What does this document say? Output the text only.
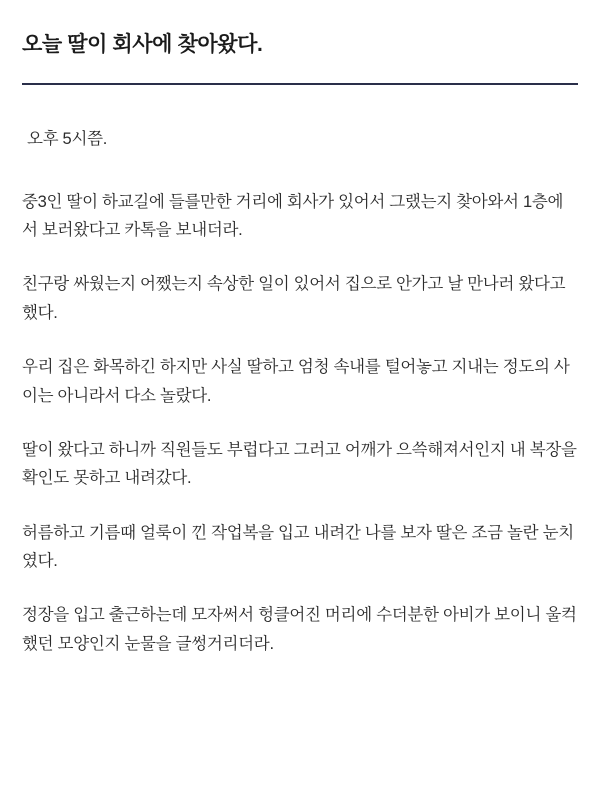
오늘 딸이 회사에 찾아왔다.

오후 5시쯤.

중3인 딸이 하교길에 들를만한 거리에 회사가 있어서 그랬는지 찾아와서 1층에서 보러왔다고 카톡을 보내더라.

친구랑 싸웠는지 어쨌는지 속상한 일이 있어서 집으로 안가고 날 만나러 왔다고 했다.

우리 집은 화목하긴 하지만 사실 딸하고 엄청 속내를 털어놓고 지내는 정도의 사이는 아니라서 다소 놀랐다.

딸이 왔다고 하니까 직원들도 부럽다고 그러고 어깨가 으쓱해져서인지 내 복장을 확인도 못하고 내려갔다.

허름하고 기름때 얼룩이 낀 작업복을 입고 내려간 나를 보자 딸은 조금 놀란 눈치였다.

정장을 입고 출근하는데 모자써서 헝클어진 머리에 수더분한 아비가 보이니 울컥했던 모양인지 눈물을 글썽거리더라.
